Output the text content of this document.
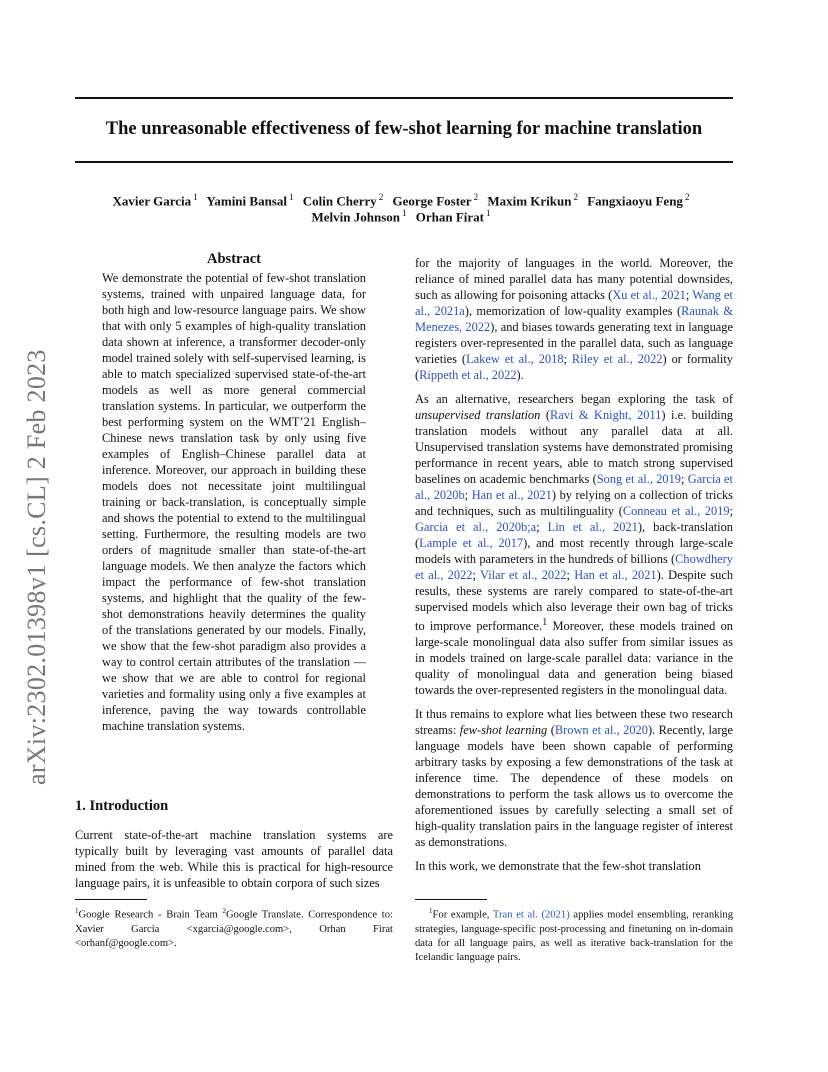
The unreasonable effectiveness of few-shot learning for machine translation
Xavier Garcia $^1$ Yamini Bansal $^1$ Colin Cherry $^2$ George Foster $^2$ Maxim Krikun $^2$ Fangxiaoyu Feng $^2$
Melvin Johnson $^1$ Orhan Firat $^1$
arXiv:2302.01398v1 [cs.CL] 2 Feb 2023
Abstract
We demonstrate the potential of few-shot translation systems, trained with unpaired language data, for both high and low-resource language pairs. We show that with only 5 examples of high-quality translation data shown at inference, a transformer decoder-only model trained solely with self-supervised learning, is able to match specialized supervised state-of-the-art models as well as more general commercial translation systems. In particular, we outperform the best performing system on the WMT’21 English–Chinese news translation task by only using five examples of English–Chinese parallel data at inference. Moreover, our approach in building these models does not necessitate joint multilingual training or back-translation, is conceptually simple and shows the potential to extend to the multilingual setting. Furthermore, the resulting models are two orders of magnitude smaller than state-of-the-art language models. We then analyze the factors which impact the performance of few-shot translation systems, and highlight that the quality of the few-shot demonstrations heavily determines the quality of the translations generated by our models. Finally, we show that the few-shot paradigm also provides a way to control certain attributes of the translation — we show that we are able to control for regional varieties and formality using only a five examples at inference, paving the way towards controllable machine translation systems.
1. Introduction
Current state-of-the-art machine translation systems are typically built by leveraging vast amounts of parallel data mined from the web. While this is practical for high-resource language pairs, it is unfeasible to obtain corpora of such sizes
$^1$Google Research - Brain Team $^2$Google Translate. Correspondence to: Xavier Garcia <xgarcia@google.com>, Orhan Firat <orhanf@google.com>.

for the majority of languages in the world. Moreover, the reliance of mined parallel data has many potential downsides, such as allowing for poisoning attacks (Xu et al., 2021; Wang et al., 2021a), memorization of low-quality examples (Raunak & Menezes, 2022), and biases towards generating text in language registers over-represented in the parallel data, such as language varieties (Lakew et al., 2018; Riley et al., 2022) or formality (Rippeth et al., 2022).

As an alternative, researchers began exploring the task of unsupervised translation (Ravi & Knight, 2011) i.e. building translation models without any parallel data at all. Unsupervised translation systems have demonstrated promising performance in recent years, able to match strong supervised baselines on academic benchmarks (Song et al., 2019; Garcia et al., 2020b; Han et al., 2021) by relying on a collection of tricks and techniques, such as multilinguality (Conneau et al., 2019; Garcia et al., 2020b;a; Lin et al., 2021), back-translation (Lample et al., 2017), and most recently through large-scale models with parameters in the hundreds of billions (Chowdhery et al., 2022; Vilar et al., 2022; Han et al., 2021). Despite such results, these systems are rarely compared to state-of-the-art supervised models which also leverage their own bag of tricks to improve performance.$^1$ Moreover, these models trained on large-scale monolingual data also suffer from similar issues as in models trained on large-scale parallel data: variance in the quality of monolingual data and generation being biased towards the over-represented registers in the monolingual data.

It thus remains to explore what lies between these two research streams: few-shot learning (Brown et al., 2020). Recently, large language models have been shown capable of performing arbitrary tasks by exposing a few demonstrations of the task at inference time. The dependence of these models on demonstrations to perform the task allows us to overcome the aforementioned issues by carefully selecting a small set of high-quality translation pairs in the language register of interest as demonstrations.

In this work, we demonstrate that the few-shot translation

$^1$For example, Tran et al. (2021) applies model ensembling, reranking strategies, language-specific post-processing and finetuning on in-domain data for all language pairs, as well as iterative back-translation for the Icelandic language pairs.
